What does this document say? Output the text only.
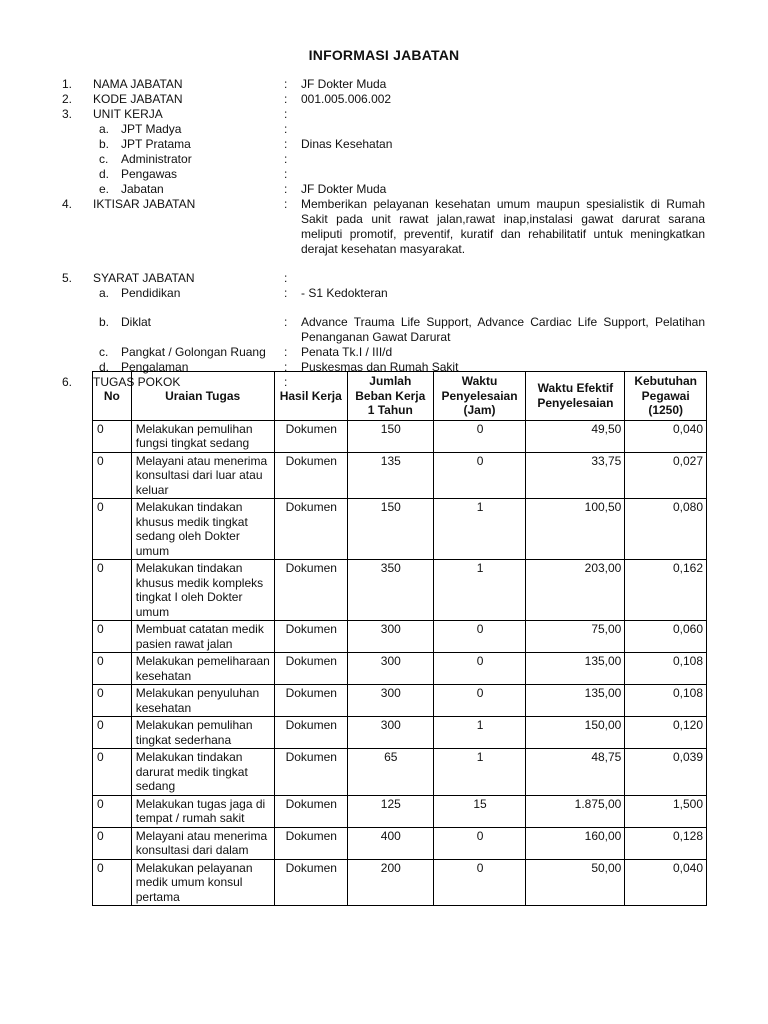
INFORMASI JABATAN
1. NAMA JABATAN	: JF Dokter Muda
2. KODE JABATAN	: 001.005.006.002
3. UNIT KERJA	:
a. JPT Madya	:
b. JPT Pratama	: Dinas Kesehatan
c. Administrator	:
d. Pengawas	:
e. Jabatan	: JF Dokter Muda
4. IKTISAR JABATAN	: Memberikan pelayanan kesehatan umum maupun spesialistik di Rumah Sakit pada unit rawat jalan,rawat inap,instalasi gawat darurat sarana meliputi promotif, preventif, kuratif dan rehabilitatif untuk meningkatkan derajat kesehatan masyarakat.
5. SYARAT JABATAN	:
a. Pendidikan	: - S1 Kedokteran
b. Diklat	: Advance Trauma Life Support, Advance Cardiac Life Support, Pelatihan Penanganan Gawat Darurat
c. Pangkat / Golongan Ruang : Penata Tk.I / III/d
d. Pengalaman	: Puskesmas dan Rumah Sakit
6. TUGAS POKOK	:
No	Uraian Tugas	Hasil Kerja	Jumlah Beban Kerja 1 Tahun	Waktu Penyelesaian (Jam)	Waktu Efektif Penyelesaian	Kebutuhan Pegawai (1250)
0	Melakukan pemulihan fungsi tingkat sedang	Dokumen	150	0	49,50	0,040
0	Melayani atau menerima konsultasi dari luar atau keluar	Dokumen	135	0	33,75	0,027
0	Melakukan tindakan khusus medik tingkat sedang oleh Dokter umum	Dokumen	150	1	100,50	0,080
0	Melakukan tindakan khusus medik kompleks tingkat I oleh Dokter umum	Dokumen	350	1	203,00	0,162
0	Membuat catatan medik pasien rawat jalan	Dokumen	300	0	75,00	0,060
0	Melakukan pemeliharaan kesehatan	Dokumen	300	0	135,00	0,108
0	Melakukan penyuluhan kesehatan	Dokumen	300	0	135,00	0,108
0	Melakukan pemulihan tingkat sederhana	Dokumen	300	1	150,00	0,120
0	Melakukan tindakan darurat medik tingkat sedang	Dokumen	65	1	48,75	0,039
0	Melakukan tugas jaga di tempat / rumah sakit	Dokumen	125	15	1.875,00	1,500
0	Melayani atau menerima konsultasi dari dalam	Dokumen	400	0	160,00	0,128
0	Melakukan pelayanan medik umum konsul pertama	Dokumen	200	0	50,00	0,040
